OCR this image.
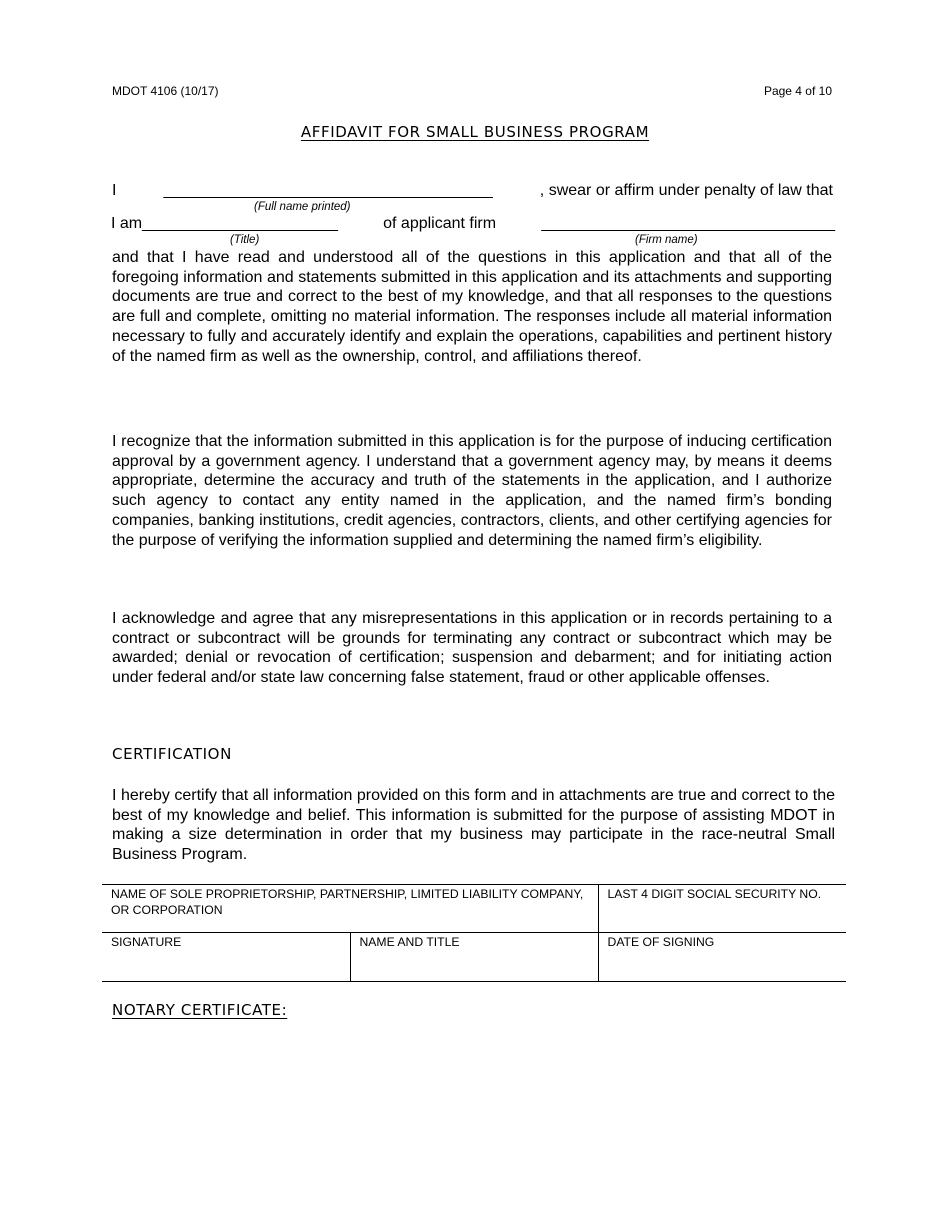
MDOT 4106 (10/17)	Page 4 of 10
AFFIDAVIT FOR SMALL BUSINESS PROGRAM
I	_____________________________________	, swear or affirm under penalty of law that
(Full name printed)
I am______________________	of applicant firm	_________________________________
(Title)	(Firm name)

and that I have read and understood all of the questions in this application and that all of the foregoing information and statements submitted in this application and its attachments and supporting documents are true and correct to the best of my knowledge, and that all responses to the questions are full and complete, omitting no material information. The responses include all material information necessary to fully and accurately identify and explain the operations, capabilities and pertinent history of the named firm as well as the ownership, control, and affiliations thereof.

I recognize that the information submitted in this application is for the purpose of inducing certification approval by a government agency. I understand that a government agency may, by means it deems appropriate, determine the accuracy and truth of the statements in the application, and I authorize such agency to contact any entity named in the application, and the named firm’s bonding companies, banking institutions, credit agencies, contractors, clients, and other certifying agencies for the purpose of verifying the information supplied and determining the named firm’s eligibility.

I acknowledge and agree that any misrepresentations in this application or in records pertaining to a contract or subcontract will be grounds for terminating any contract or subcontract which may be awarded; denial or revocation of certification; suspension and debarment; and for initiating action under federal and/or state law concerning false statement, fraud or other applicable offenses.

CERTIFICATION

I hereby certify that all information provided on this form and in attachments are true and correct to the best of my knowledge and belief. This information is submitted for the purpose of assisting MDOT in making a size determination in order that my business may participate in the race-neutral Small Business Program.

NAME OF SOLE PROPRIETORSHIP, PARTNERSHIP, LIMITED LIABILITY COMPANY, OR CORPORATION		LAST 4 DIGIT SOCIAL SECURITY NO.
SIGNATURE	NAME AND TITLE	DATE OF SIGNING
NOTARY CERTIFICATE:
